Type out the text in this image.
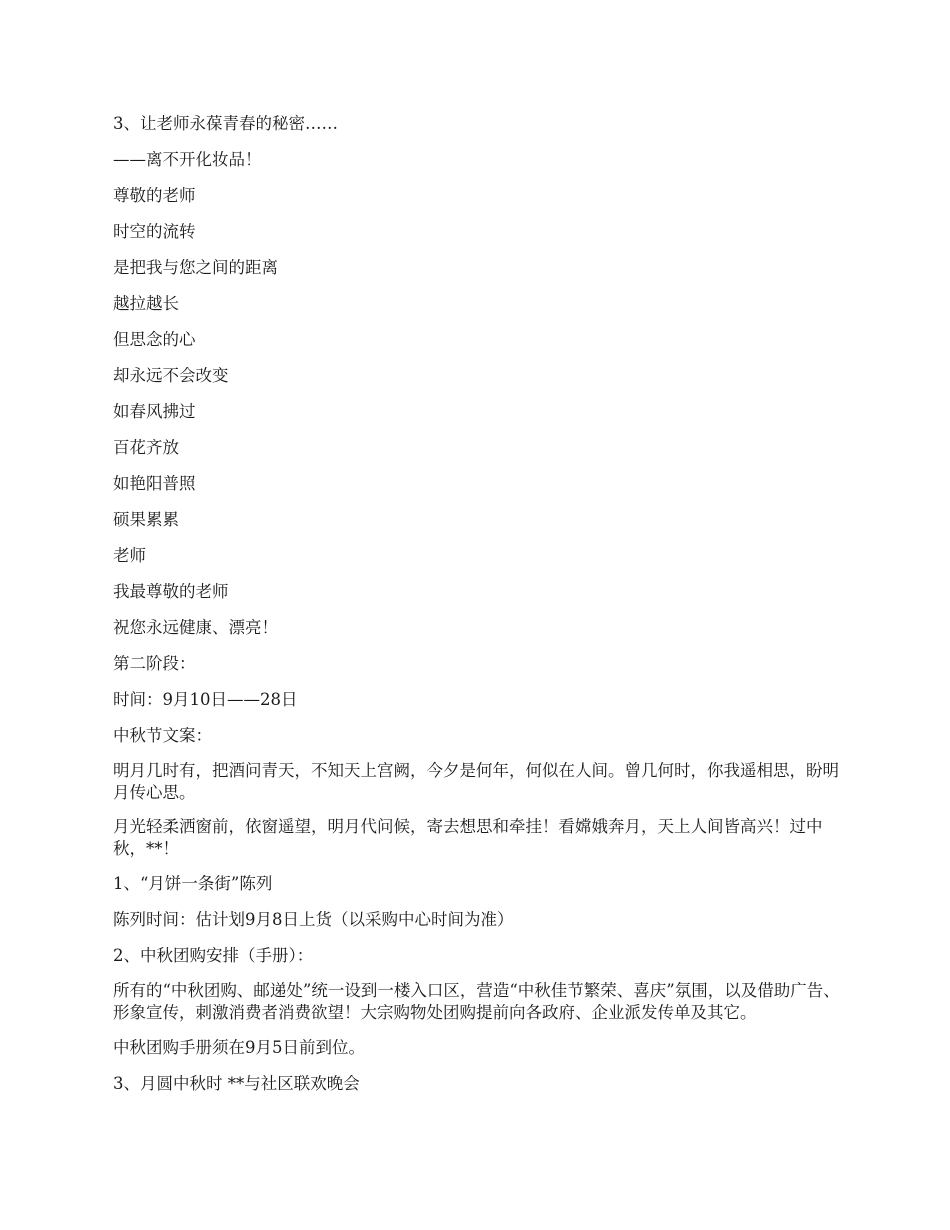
3、让老师永葆青春的秘密……

——离不开化妆品！

尊敬的老师

时空的流转

是把我与您之间的距离

越拉越长

但思念的心

却永远不会改变

如春风拂过

百花齐放

如艳阳普照

硕果累累

老师

我最尊敬的老师

祝您永远健康、漂亮！

第二阶段：

时间：9月10日——28日

中秋节文案：

明月几时有，把酒问青天，不知天上宫阙，今夕是何年，何似在人间。曾几何时，你我遥相思，盼明月传心思。

月光轻柔洒窗前，依窗遥望，明月代问候，寄去想思和牵挂！看嫦娥奔月，天上人间皆高兴！过中秋，**！

1、“月饼一条街”陈列

陈列时间：估计划9月8日上货（以采购中心时间为准）

2、中秋团购安排（手册）：

所有的“中秋团购、邮递处”统一设到一楼入口区，营造“中秋佳节繁荣、喜庆”氛围，以及借助广告、形象宣传，刺激消费者消费欲望！大宗购物处团购提前向各政府、企业派发传单及其它。

中秋团购手册须在9月5日前到位。

3、月圆中秋时 **与社区联欢晚会
